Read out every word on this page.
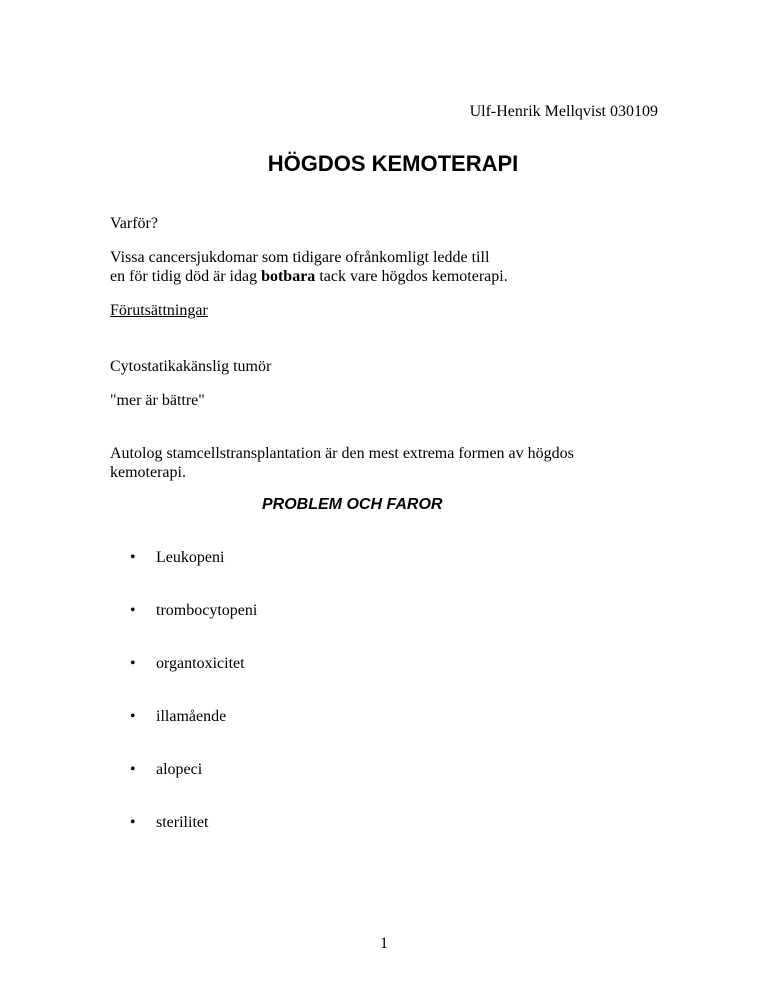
Ulf-Henrik Mellqvist 030109
HÖGDOS KEMOTERAPI
Varför?
Vissa cancersjukdomar som tidigare ofrånkomligt ledde till
en för tidig död är idag botbara tack vare högdos kemoterapi.
Förutsättningar
Cytostatikakänslig tumör
"mer är bättre"
Autolog stamcellstransplantation är den mest extrema formen av högdos
kemoterapi.
PROBLEM OCH FAROR
•	Leukopeni
•	trombocytopeni
•	organtoxicitet
•	illamående
•	alopeci
•	sterilitet
1
